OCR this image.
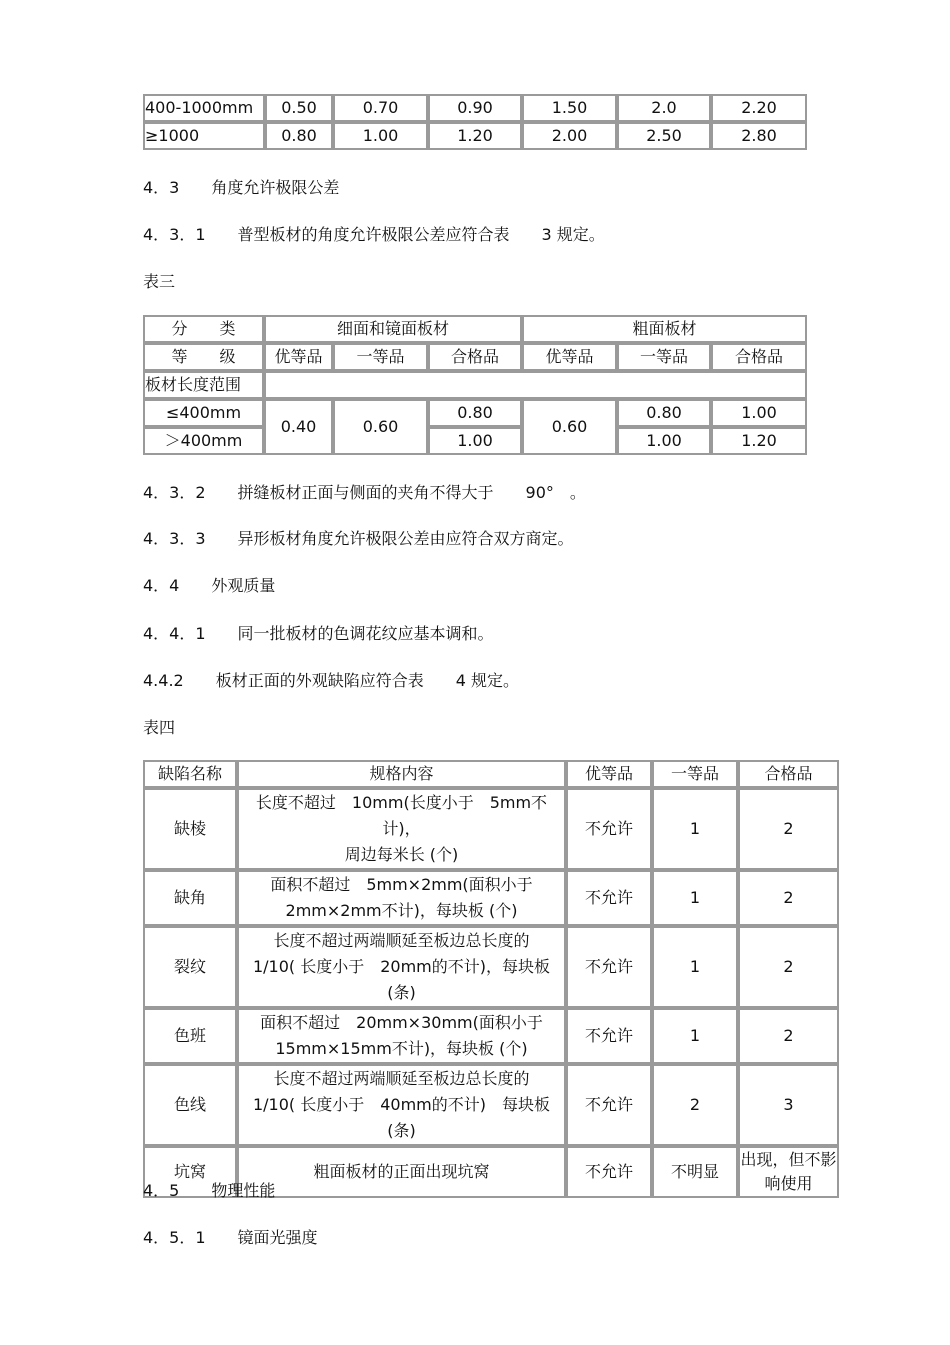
400-1000mm	0.50	0.70	0.90	1.50	2.0	2.20
≥1000	0.80	1.00	1.20	2.00	2.50	2.80
4．3　　角度允许极限公差
4．3．1　　普型板材的角度允许极限公差应符合表　　3 规定。
表三
分　　类	细面和镜面板材			粗面板材		
等　　级	优等品	一等品	合格品	优等品	一等品	合格品
板材长度范围						
≤400mm	0.40	0.60	0.80	0.60	0.80	1.00
＞400mm			1.00		1.00	1.20
4．3．2　　拼缝板材正面与侧面的夹角不得大于　　90°　。
4．3．3　　异形板材角度允许极限公差由应符合双方商定。
4．4　　外观质量
4．4．1　　同一批板材的色调花纹应基本调和。
4.4.2　　板材正面的外观缺陷应符合表　　4 规定。
表四
缺陷名称	规格内容	优等品	一等品	合格品
缺棱	长度不超过　10mm(长度小于　5mm不计)，
周边每米长 (个)	不允许	1	2
缺角	面积不超过　5mm×2mm(面积小于
2mm×2mm不计)，每块板 (个)	不允许	1	2
裂纹	长度不超过两端顺延至板边总长度的
1/10( 长度小于　20mm的不计)，每块板
(条)	不允许	1	2
色班	面积不超过　20mm×30mm(面积小于
15mm×15mm不计)，每块板 (个)	不允许	1	2
色线	长度不超过两端顺延至板边总长度的
1/10( 长度小于　40mm的不计)　每块板
(条)	不允许	2	3
坑窝	粗面板材的正面出现坑窝	不允许	不明显	出现，但不影响使用
4．5　　物理性能
4．5．1　　镜面光强度
